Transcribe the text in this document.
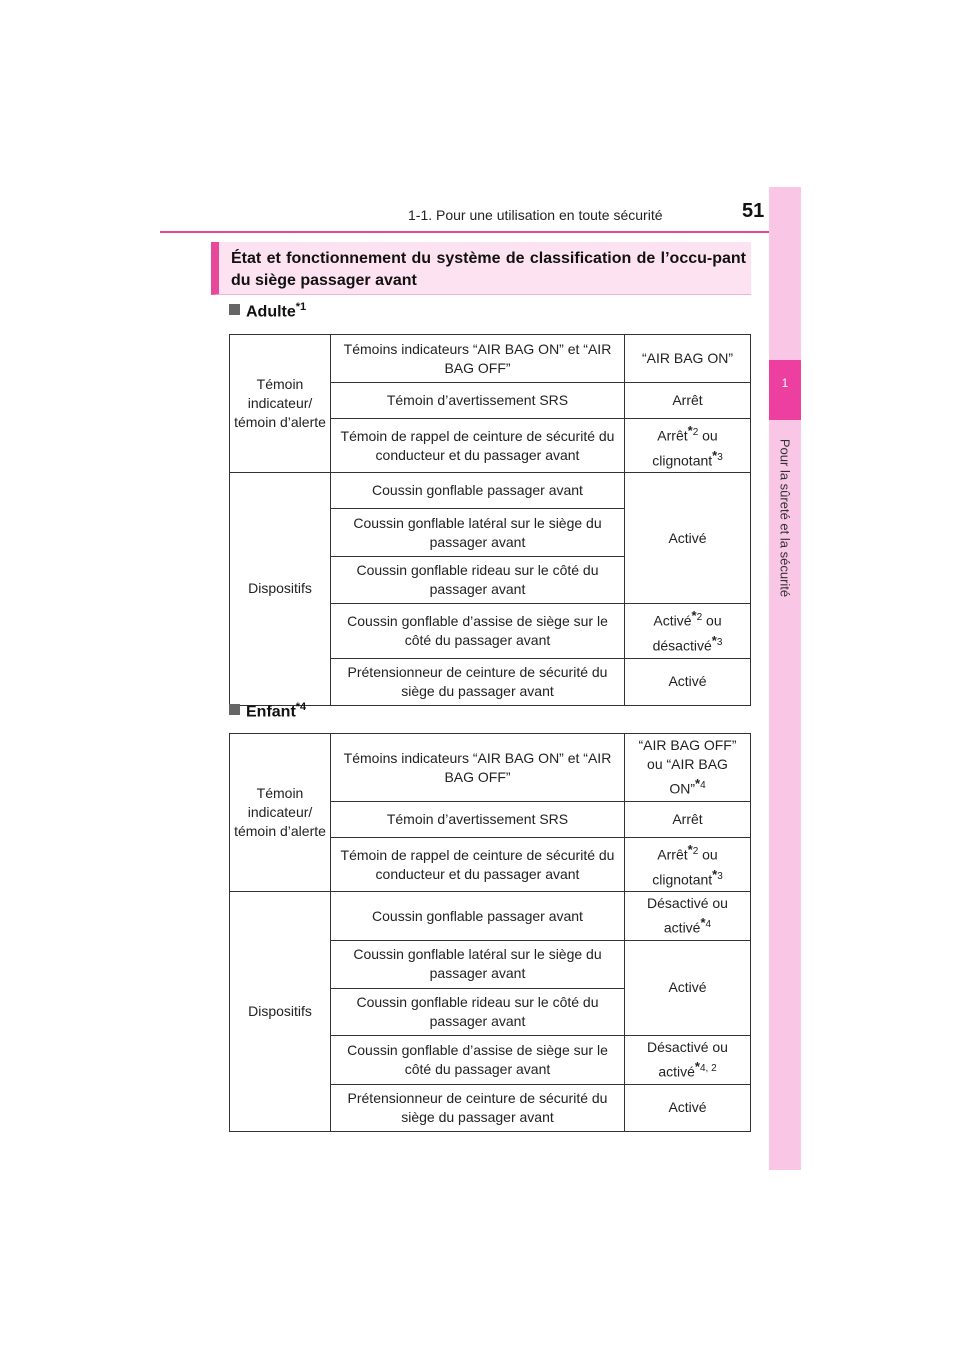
1-1. Pour une utilisation en toute sécurité	51
1
Pour la sûreté et la sécurité
État et fonctionnement du système de classification de l’occu-pant du siège passager avant
Adulte$^{*1}$
Témoin indicateur/ témoin d’alerte	Témoins indicateurs “AIR BAG ON” et “AIR BAG OFF”	“AIR BAG ON”
	Témoin d’avertissement SRS	Arrêt
	Témoin de rappel de ceinture de sécurité du conducteur et du passager avant	Arrêt$^{*2}$ ou clignotant$^{*3}$
Dispositifs	Coussin gonflable passager avant	Activé
	Coussin gonflable latéral sur le siège du passager avant	
	Coussin gonflable rideau sur le côté du passager avant	
	Coussin gonflable d’assise de siège sur le côté du passager avant	Activé$^{*2}$ ou désactivé$^{*3}$
	Prétensionneur de ceinture de sécurité du siège du passager avant	Activé
Enfant$^{*4}$
Témoin indicateur/ témoin d’alerte	Témoins indicateurs “AIR BAG ON” et “AIR BAG OFF”	“AIR BAG OFF” ou “AIR BAG ON”$^{*4}$
	Témoin d’avertissement SRS	Arrêt
	Témoin de rappel de ceinture de sécurité du conducteur et du passager avant	Arrêt$^{*2}$ ou clignotant$^{*3}$
Dispositifs	Coussin gonflable passager avant	Désactivé ou activé$^{*4}$
	Coussin gonflable latéral sur le siège du passager avant	Activé
	Coussin gonflable rideau sur le côté du passager avant	
	Coussin gonflable d’assise de siège sur le côté du passager avant	Désactivé ou activé$^{*4, 2}$
	Prétensionneur de ceinture de sécurité du siège du passager avant	Activé
